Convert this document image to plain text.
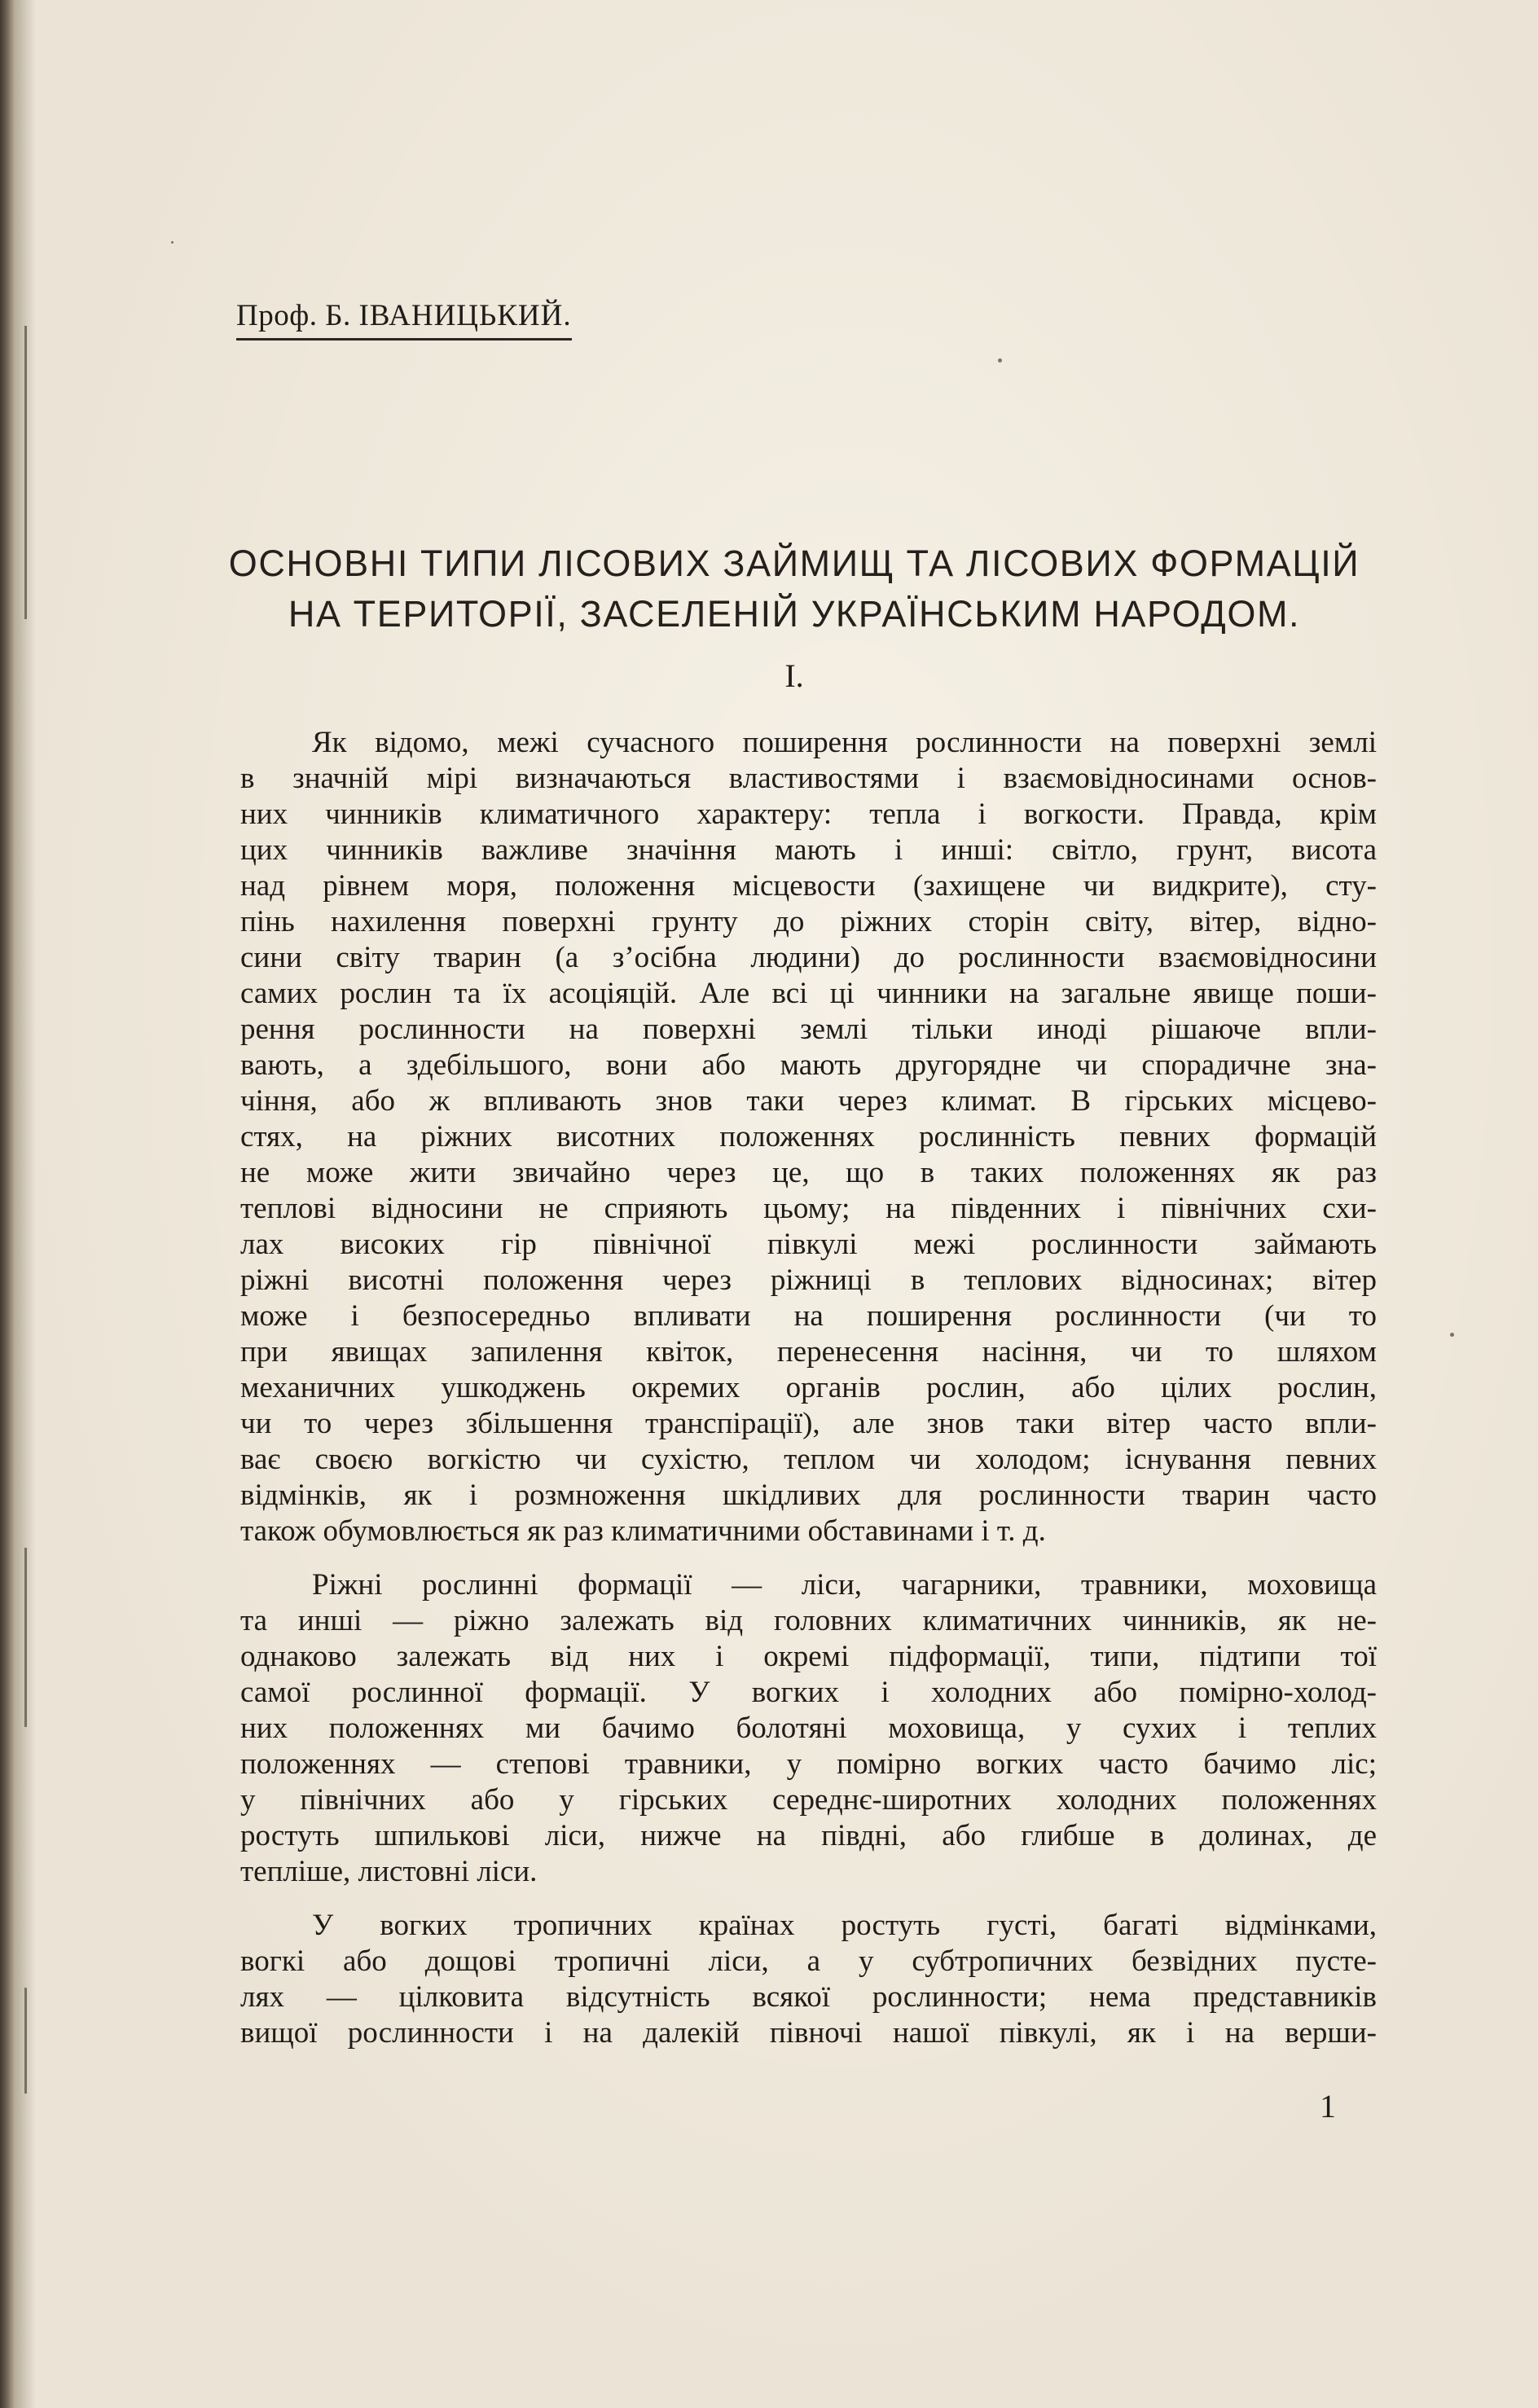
Проф. Б. ІВАНИЦЬКИЙ.
ОСНОВНІ ТИПИ ЛІСОВИХ ЗАЙМИЩ ТА ЛІСОВИХ ФОРМАЦІЙ
НА ТЕРИТОРІЇ, ЗАСЕЛЕНІЙ УКРАЇНСЬКИМ НАРОДОМ.
I.
Як відомо, межі сучасного поширення рослинности на поверхні землі
в значній мірі визначаються властивостями і взаємовідносинами основ-
них чинників климатичного характеру: тепла і вогкости. Правда, крім
цих чинників важливе значіння мають і инші: світло, грунт, висота
над рівнем моря, положення місцевости (захищене чи видкрите), сту-
пінь нахилення поверхні грунту до ріжних сторін світу, вітер, відно-
сини світу тварин (а з’осібна людини) до рослинности взаємовідносини
самих рослин та їх асоціяцій. Але всі ці чинники на загальне явище поши-
рення рослинности на поверхні землі тільки иноді рішаюче впли-
вають, а здебільшого, вони або мають другорядне чи спорадичне зна-
чіння, або ж впливають знов таки через климат. В гірських місцево-
стях, на ріжних висотних положеннях рослинність певних формацій
не може жити звичайно через це, що в таких положеннях як раз
теплові відносини не сприяють цьому; на південних і північних схи-
лах високих гір північної півкулі межі рослинности займають
ріжні висотні положення через ріжниці в теплових відносинах; вітер
може і безпосередньо впливати на поширення рослинности (чи то
при явищах запилення квіток, перенесення насіння, чи то шляхом
механичних ушкоджень окремих органів рослин, або цілих рослин,
чи то через збільшення транспірації), але знов таки вітер часто впли-
ває своєю вогкістю чи сухістю, теплом чи холодом; існування певних
відмінків, як і розмноження шкідливих для рослинности тварин часто
також обумовлюється як раз климатичними обставинами і т. д.
Ріжні рослинні формації — ліси, чагарники, травники, моховища
та инші — ріжно залежать від головних климатичних чинників, як не-
однаково залежать від них і окремі підформації, типи, підтипи тої
самої рослинної формації. У вогких і холодних або помірно-холод-
них положеннях ми бачимо болотяні моховища, у сухих і теплих
положеннях — степові травники, у помірно вогких часто бачимо ліс;
у північних або у гірських середнє-широтних холодних положеннях
ростуть шпилькові ліси, нижче на півдні, або глибше в долинах, де
тепліше, листовні ліси.
У вогких тропичних країнах ростуть густі, багаті відмінками,
вогкі або дощові тропичні ліси, а у субтропичних безвідних пусте-
лях — цілковита відсутність всякої рослинности; нема представників
вищої рослинности і на далекій півночі нашої півкулі, як і на верши-
1
